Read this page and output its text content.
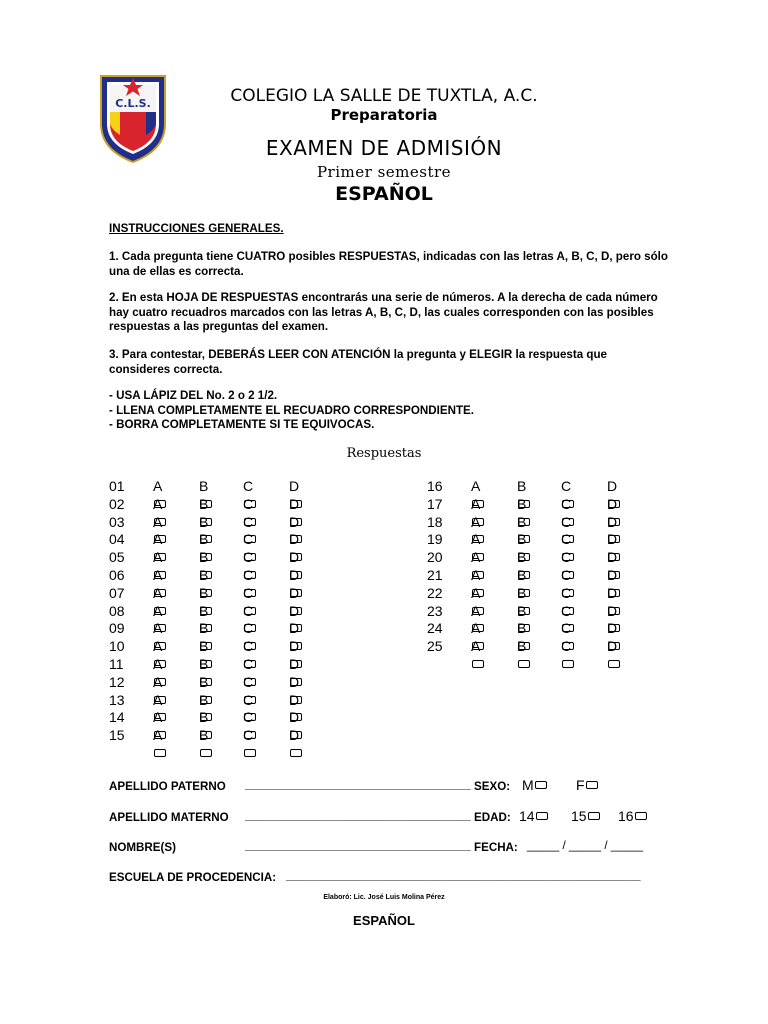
C.L.S.	COLEGIO LA SALLE DE TUXTLA, A.C.
Preparatoria
EXAMEN DE ADMISIÓN
Primer semestre
ESPAÑOL
INSTRUCCIONES GENERALES.
1. Cada pregunta tiene CUATRO posibles RESPUESTAS, indicadas con las letras A, B, C, D, pero sólo una de ellas es correcta.
2. En esta HOJA DE RESPUESTAS encontrarás una serie de números. A la derecha de cada número hay cuatro recuadros marcados con las letras A, B, C, D, las cuales corresponden con las posibles respuestas a las preguntas del examen.
3. Para contestar, DEBERÁS LEER CON ATENCIÓN la pregunta y ELEGIR la respuesta que consideres correcta.
- USA LÁPIZ DEL No. 2 o 2 1/2.
- LLENA COMPLETAMENTE EL RECUADRO CORRESPONDIENTE.
- BORRA COMPLETAMENTE SI TE EQUIVOCAS.
Respuestas
01 A	B C	D
02 A	B C	D
03 A	B C	D
04 A	B C	D
05 A	B C	D
06 A	B C	D
07 A	B C	D
08 A	B C	D
09 A	B C	D
10 A	B C	D
11 A	B C	D
12 A	B C	D
13 A	B C	D
14 A	B C	D
15 A	B C	D
16 A	B C	D
17 A	B C	D
18 A	B C	D
19 A	B C	D
20 A	B C	D
21 A	B C	D
22 A	B C	D
23 A	B C	D
24 A	B C	D
25 A	B C	D
APELLIDO PATERNO ___________________________________ SEXO: M	F
APELLIDO MATERNO ___________________________________ EDAD: 14	15	16
NOMBRE(S)	___________________________________ FECHA: _____ / _____ / _____
ESCUELA DE PROCEDENCIA: _______________________________________________________
Elaboró: Lic. José Luis Molina Pérez
ESPAÑOL
